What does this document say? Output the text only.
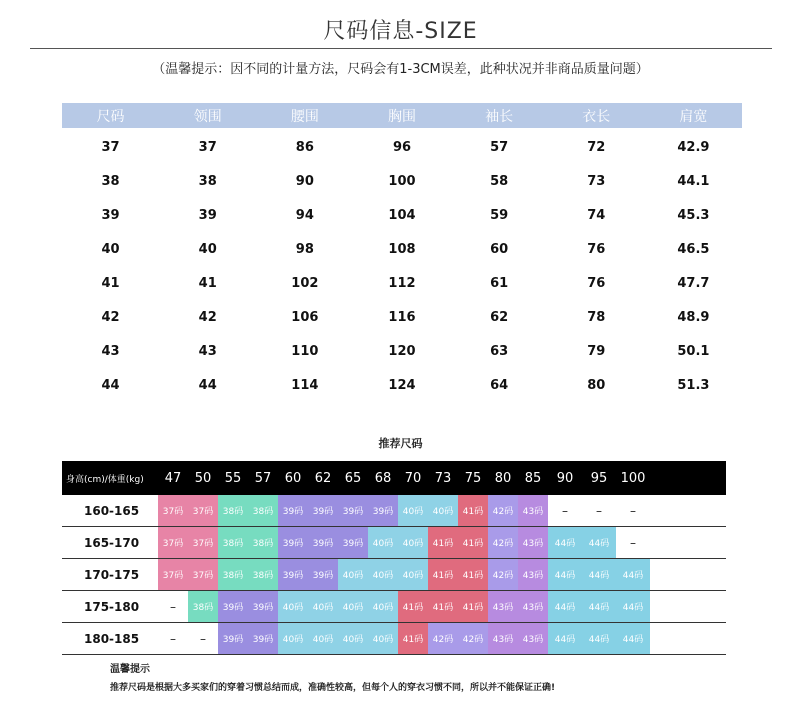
尺码信息-SIZE
（温馨提示：因不同的计量方法，尺码会有1-3CM误差，此种状况并非商品质量问题）
尺码	领围	腰围	胸围	袖长	衣长	肩宽
37	37	86	96	57	72	42.9
38	38	90	100	58	73	44.1
39	39	94	104	59	74	45.3
40	40	98	108	60	76	46.5
41	41	102	112	61	76	47.7
42	42	106	116	62	78	48.9
43	43	110	120	63	79	50.1
44	44	114	124	64	80	51.3
推荐尺码
身高(cm)/体重(kg)	47	50	55	57	60	62	65	68	70	73	75	80	85	90	95	100
160-165	37码	37码	38码	38码	39码	39码	39码	39码	40码	40码	41码	42码	43码	–	–	–
165-170	37码	37码	38码	38码	39码	39码	39码	40码	40码	41码	41码	42码	43码	44码	44码	–
170-175	37码	37码	38码	38码	39码	39码	40码	40码	40码	41码	41码	42码	43码	44码	44码	44码
175-180	–	38码	39码	39码	40码	40码	40码	40码	41码	41码	41码	43码	43码	44码	44码	44码
180-185	–	–	39码	39码	40码	40码	40码	40码	41码	42码	42码	43码	43码	44码	44码	44码
温馨提示
推荐尺码是根据大多买家们的穿着习惯总结而成，准确性较高，但每个人的穿衣习惯不同，所以并不能保证正确!
